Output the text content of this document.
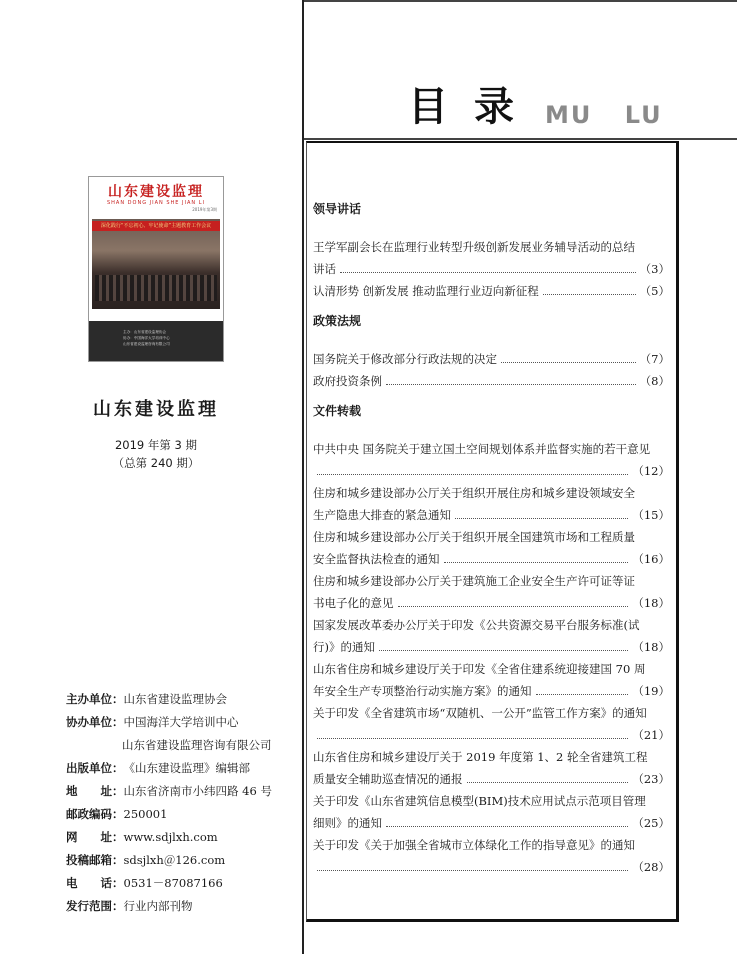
目录 MU LU
山东建设监理
SHAN DONG JIAN SHE JIAN LI
2019年第3期
深化践行“不忘初心、牢记使命”主题教育工作会议
主办：山东省建设监理协会
协办：中国海洋大学培训中心
山东省建设监理咨询有限公司
山东建设监理
2019 年第 3 期
（总第 240 期）
主办单位：山东省建设监理协会
协办单位：中国海洋大学培训中心
山东省建设监理咨询有限公司
出版单位：《山东建设监理》编辑部
地　　址：山东省济南市小纬四路 46 号
邮政编码：250001
网　　址：www.sdjlxh.com
投稿邮箱：sdsjlxh＠126.com
电　　话：0531－87087166
发行范围：行业内部刊物
领导讲话
王学军副会长在监理行业转型升级创新发展业务辅导活动的总结
讲话	（3）
认清形势 创新发展 推动监理行业迈向新征程	（5）
政策法规
国务院关于修改部分行政法规的决定	（7）
政府投资条例	（8）
文件转载
中共中央 国务院关于建立国土空间规划体系并监督实施的若干意见
（12）
住房和城乡建设部办公厅关于组织开展住房和城乡建设领域安全
生产隐患大排查的紧急通知	（15）
住房和城乡建设部办公厅关于组织开展全国建筑市场和工程质量
安全监督执法检查的通知	（16）
住房和城乡建设部办公厅关于建筑施工企业安全生产许可证等证
书电子化的意见	（18）
国家发展改革委办公厅关于印发《公共资源交易平台服务标准(试
行)》的通知	（18）
山东省住房和城乡建设厅关于印发《全省住建系统迎接建国 70 周
年安全生产专项整治行动实施方案》的通知	（19）
关于印发《全省建筑市场“双随机、一公开”监管工作方案》的通知
（21）
山东省住房和城乡建设厅关于 2019 年度第 1、2 轮全省建筑工程
质量安全辅助巡查情况的通报	（23）
关于印发《山东省建筑信息模型(BIM)技术应用试点示范项目管理
细则》的通知	（25）
关于印发《关于加强全省城市立体绿化工作的指导意见》的通知
（28）
